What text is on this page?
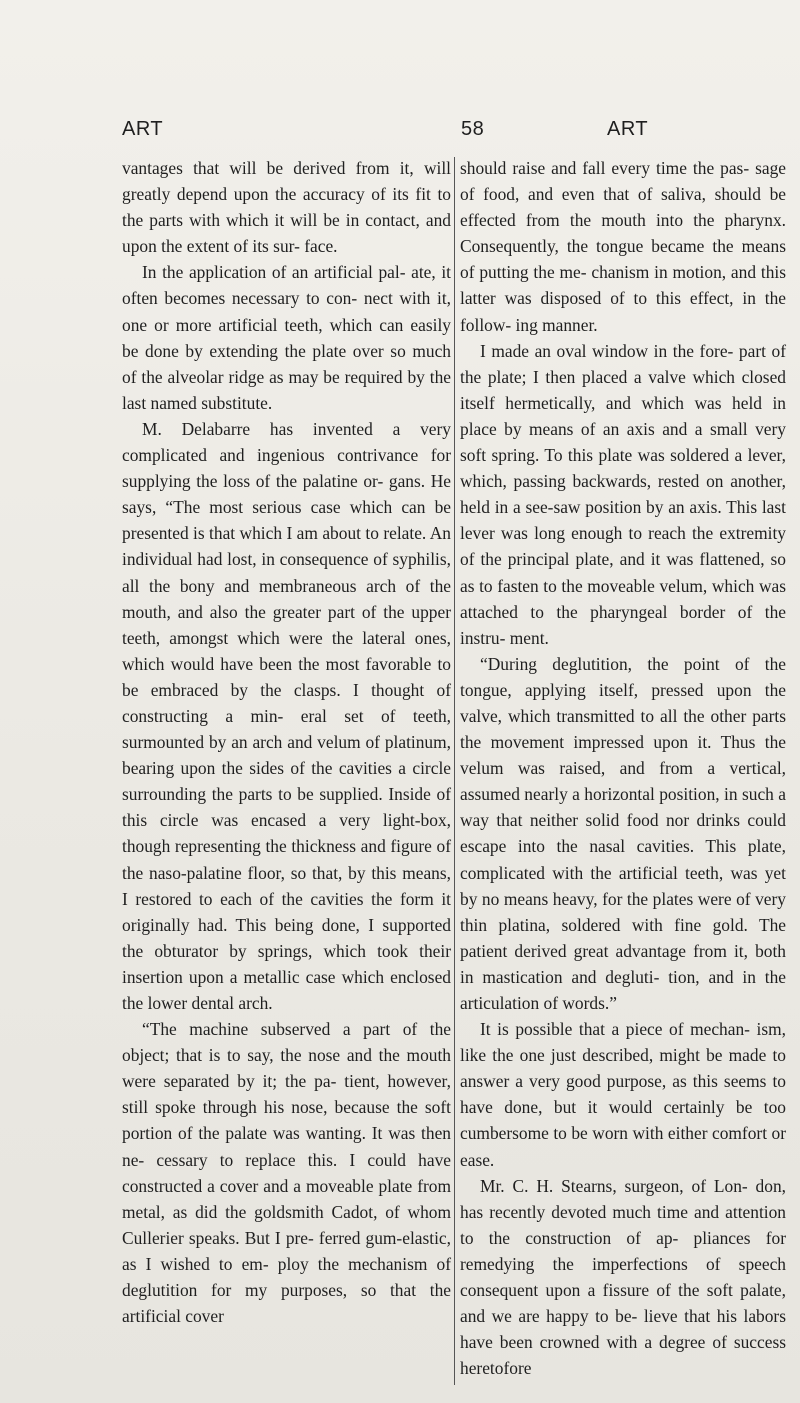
ART	58	ART

vantages that will be derived from it, will greatly depend upon the accuracy of its fit to the parts with which it will be in contact, and upon the extent of its sur- face.

In the application of an artificial pal- ate, it often becomes necessary to con- nect with it, one or more artificial teeth, which can easily be done by extending the plate over so much of the alveolar ridge as may be required by the last named substitute.

M. Delabarre has invented a very complicated and ingenious contrivance for supplying the loss of the palatine or- gans. He says, “The most serious case which can be presented is that which I am about to relate. An individual had lost, in consequence of syphilis, all the bony and membraneous arch of the mouth, and also the greater part of the upper teeth, amongst which were the lateral ones, which would have been the most favorable to be embraced by the clasps. I thought of constructing a min- eral set of teeth, surmounted by an arch and velum of platinum, bearing upon the sides of the cavities a circle surrounding the parts to be supplied. Inside of this circle was encased a very light-box, though representing the thickness and figure of the naso-palatine floor, so that, by this means, I restored to each of the cavities the form it originally had. This being done, I supported the obturator by springs, which took their insertion upon a metallic case which enclosed the lower dental arch.

“The machine subserved a part of the object; that is to say, the nose and the mouth were separated by it; the pa- tient, however, still spoke through his nose, because the soft portion of the palate was wanting. It was then ne- cessary to replace this. I could have constructed a cover and a moveable plate from metal, as did the goldsmith Cadot, of whom Cullerier speaks. But I pre- ferred gum-elastic, as I wished to em- ploy the mechanism of deglutition for my purposes, so that the artificial cover

should raise and fall every time the pas- sage of food, and even that of saliva, should be effected from the mouth into the pharynx. Consequently, the tongue became the means of putting the me- chanism in motion, and this latter was disposed of to this effect, in the follow- ing manner.

I made an oval window in the fore- part of the plate; I then placed a valve which closed itself hermetically, and which was held in place by means of an axis and a small very soft spring. To this plate was soldered a lever, which, passing backwards, rested on another, held in a see-saw position by an axis. This last lever was long enough to reach the extremity of the principal plate, and it was flattened, so as to fasten to the moveable velum, which was attached to the pharyngeal border of the instru- ment.

“During deglutition, the point of the tongue, applying itself, pressed upon the valve, which transmitted to all the other parts the movement impressed upon it. Thus the velum was raised, and from a vertical, assumed nearly a horizontal position, in such a way that neither solid food nor drinks could escape into the nasal cavities. This plate, complicated with the artificial teeth, was yet by no means heavy, for the plates were of very thin platina, soldered with fine gold. The patient derived great advantage from it, both in mastication and degluti- tion, and in the articulation of words.”

It is possible that a piece of mechan- ism, like the one just described, might be made to answer a very good purpose, as this seems to have done, but it would certainly be too cumbersome to be worn with either comfort or ease.

Mr. C. H. Stearns, surgeon, of Lon- don, has recently devoted much time and attention to the construction of ap- pliances for remedying the imperfections of speech consequent upon a fissure of the soft palate, and we are happy to be- lieve that his labors have been crowned with a degree of success heretofore
